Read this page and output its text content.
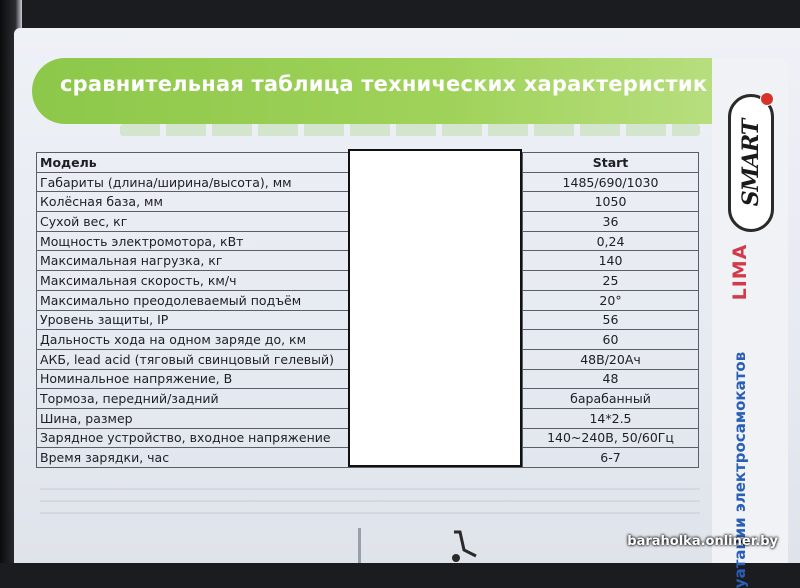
сравнительная таблица технических характеристик
Модель		Start
Габариты (длина/ширина/высота), мм		1485/690/1030
Колёсная база, мм		1050
Сухой вес, кг		36
Мощность электромотора, кВт		0,24
Максимальная нагрузка, кг		140
Максимальная скорость, км/ч		25
Максимально преодолеваемый подъём		20°
Уровень защиты, IP		56
Дальность хода на одном заряде до, км		60
АКБ, lead acid (тяговый свинцовый гелевый)		48В/20Ач
Номинальное напряжение, В		48
Тормоза, передний/задний		барабанный
Шина, размер		14*2.5
Зарядное устройство, входное напряжение		140~240В, 50/60Гц
Время зарядки, час		6-7
SMART
LIMA
уатации электросамокатов
baraholka.onliner.by
